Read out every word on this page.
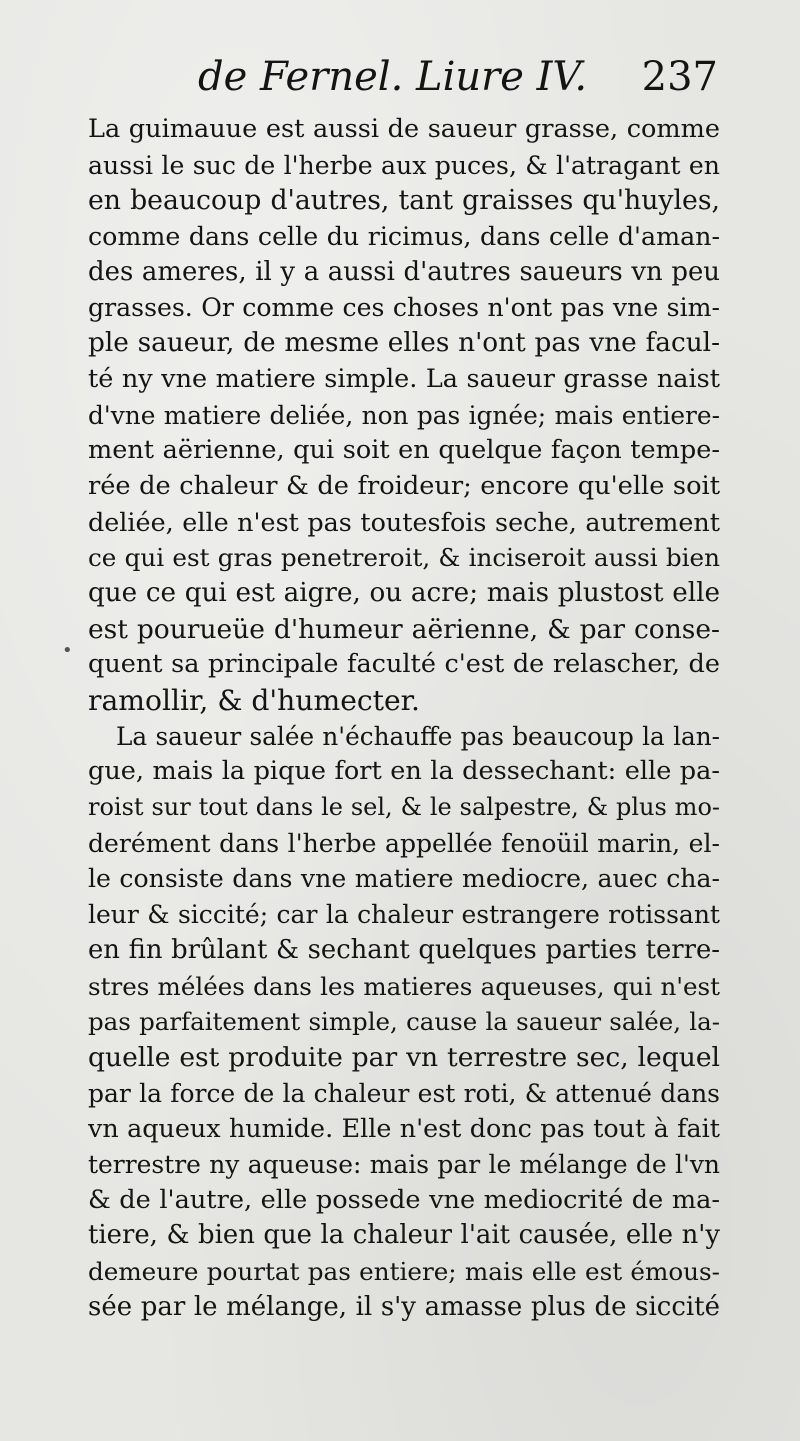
de Fernel. Liure IV. 237
•
La guimauue est aussi de saueur grasse, comme
aussi le suc de l'herbe aux puces, & l'atragant en
en beaucoup d'autres, tant graisses qu'huyles,
comme dans celle du ricimus, dans celle d'aman-
des ameres, il y a aussi d'autres saueurs vn peu
grasses. Or comme ces choses n'ont pas vne sim-
ple saueur, de mesme elles n'ont pas vne facul-
té ny vne matiere simple. La saueur grasse naist
d'vne matiere deliée, non pas ignée; mais entiere-
ment aërienne, qui soit en quelque façon tempe-
rée de chaleur & de froideur; encore qu'elle soit
deliée, elle n'est pas toutesfois seche, autrement
ce qui est gras penetreroit, & inciseroit aussi bien
que ce qui est aigre, ou acre; mais plustost elle
est pourueüe d'humeur aërienne, & par conse-
quent sa principale faculté c'est de relascher, de
ramollir, & d'humecter.
La saueur salée n'échauffe pas beaucoup la lan-
gue, mais la pique fort en la dessechant: elle pa-
roist sur tout dans le sel, & le salpestre, & plus mo-
derément dans l'herbe appellée fenoüil marin, el-
le consiste dans vne matiere mediocre, auec cha-
leur & siccité; car la chaleur estrangere rotissant
en fin brûlant & sechant quelques parties terre-
stres mélées dans les matieres aqueuses, qui n'est
pas parfaitement simple, cause la saueur salée, la-
quelle est produite par vn terrestre sec, lequel
par la force de la chaleur est roti, & attenué dans
vn aqueux humide. Elle n'est donc pas tout à fait
terrestre ny aqueuse: mais par le mélange de l'vn
& de l'autre, elle possede vne mediocrité de ma-
tiere, & bien que la chaleur l'ait causée, elle n'y
demeure pourtat pas entiere; mais elle est émous-
sée par le mélange, il s'y amasse plus de siccité
